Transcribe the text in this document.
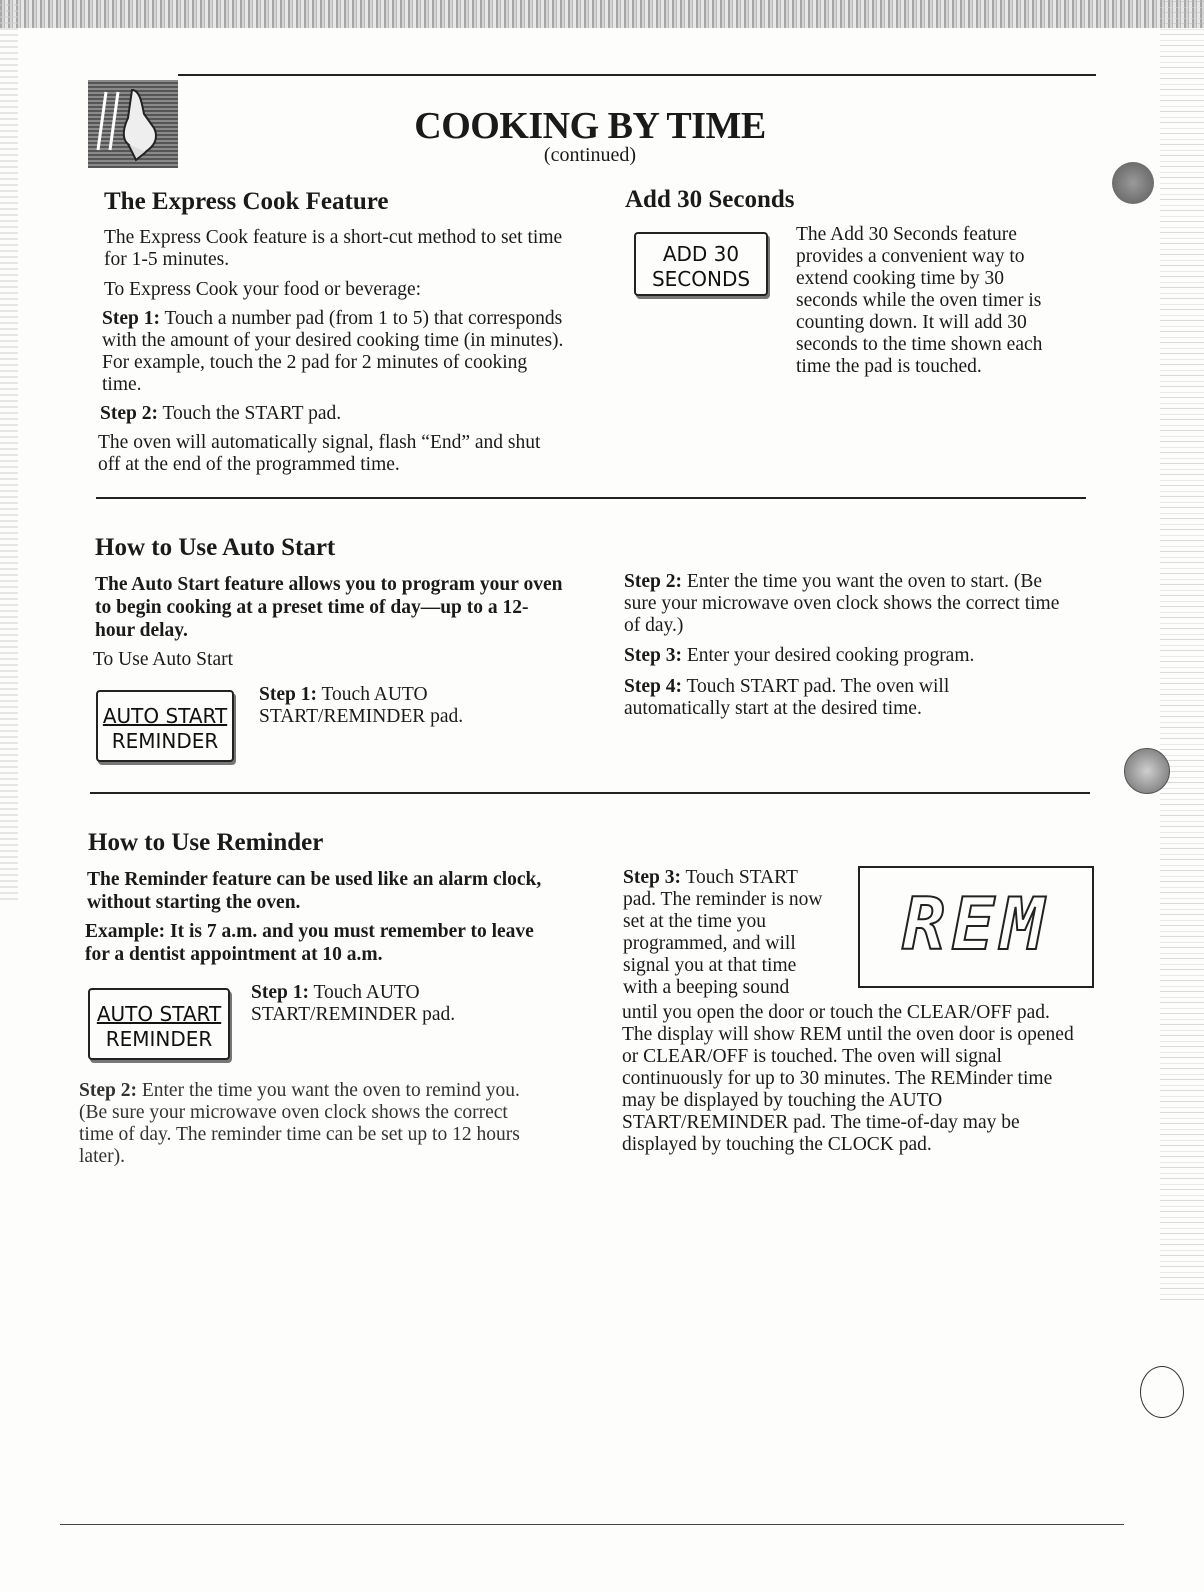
COOKING BY TIME
(continued)
The Express Cook Feature

The Express Cook feature is a short-cut method to set time for 1-5 minutes.

To Express Cook your food or beverage:

Step 1: Touch a number pad (from 1 to 5) that corresponds with the amount of your desired cooking time (in minutes). For example, touch the 2 pad for 2 minutes of cooking time.

Step 2: Touch the START pad.

The oven will automatically signal, flash “End” and shut off at the end of the programmed time.

Add 30 Seconds
ADD 30
SECONDS

The Add 30 Seconds feature provides a convenient way to extend cooking time by 30 seconds while the oven timer is counting down. It will add 30 seconds to the time shown each time the pad is touched.

How to Use Auto Start

The Auto Start feature allows you to program your oven to begin cooking at a preset time of day—up to a 12-hour delay.

To Use Auto Start

AUTO START
REMINDER

Step 1: Touch AUTO START/REMINDER pad.

Step 2: Enter the time you want the oven to start. (Be sure your microwave oven clock shows the correct time of day.)

Step 3: Enter your desired cooking program.

Step 4: Touch START pad. The oven will automatically start at the desired time.

How to Use Reminder

The Reminder feature can be used like an alarm clock, without starting the oven.

Example: It is 7 a.m. and you must remember to leave for a dentist appointment at 10 a.m.

AUTO START
REMINDER

Step 1: Touch AUTO START/REMINDER pad.

Step 2: Enter the time you want the oven to remind you. (Be sure your microwave oven clock shows the correct time of day. The reminder time can be set up to 12 hours later).

Step 3: Touch START pad. The reminder is now set at the time you programmed, and will signal you at that time with a beeping sound

until you open the door or touch the CLEAR/OFF pad. The display will show REM until the oven door is opened or CLEAR/OFF is touched. The oven will signal continuously for up to 30 minutes. The REMinder time may be displayed by touching the AUTO START/REMINDER pad. The time-of-day may be displayed by touching the CLOCK pad.

REM
